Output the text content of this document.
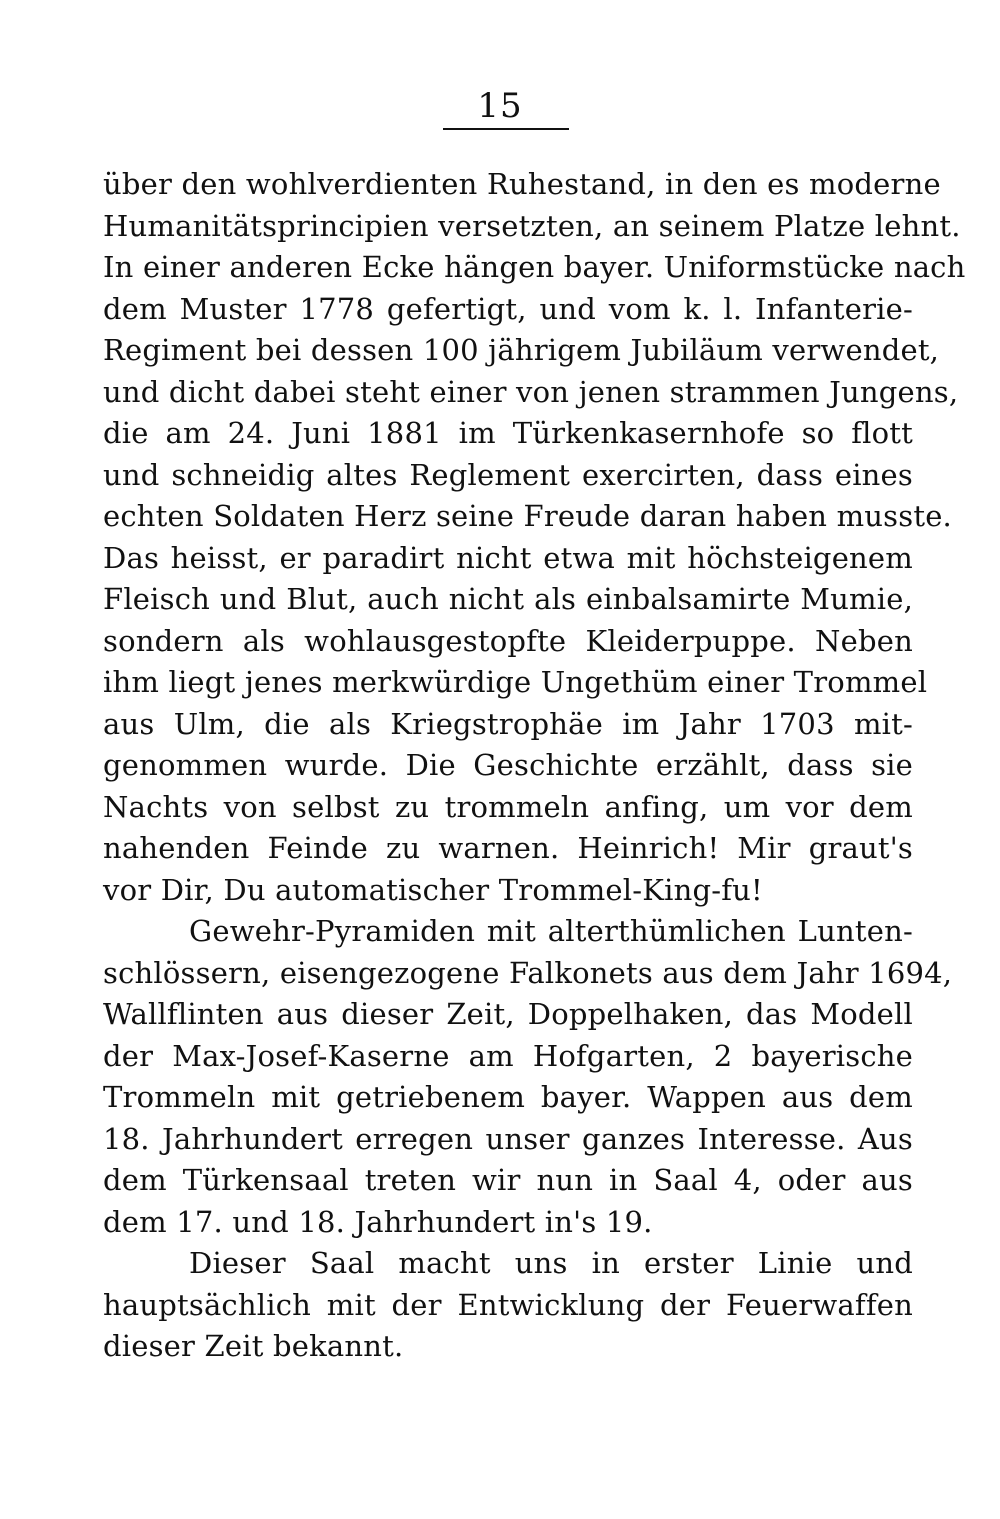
15
über den wohlverdienten Ruhestand, in den es moderne
Humanitätsprincipien versetzten, an seinem Platze lehnt.
In einer anderen Ecke hängen bayer. Uniformstücke nach
dem Muster 1778 gefertigt, und vom k. l. Infanterie-
Regiment bei dessen 100 jährigem Jubiläum verwendet,
und dicht dabei steht einer von jenen strammen Jungens,
die am 24. Juni 1881 im Türkenkasernhofe so flott
und schneidig altes Reglement exercirten, dass eines
echten Soldaten Herz seine Freude daran haben musste.
Das heisst, er paradirt nicht etwa mit höchsteigenem
Fleisch und Blut, auch nicht als einbalsamirte Mumie,
sondern als wohlausgestopfte Kleiderpuppe. Neben
ihm liegt jenes merkwürdige Ungethüm einer Trommel
aus Ulm, die als Kriegstrophäe im Jahr 1703 mit-
genommen wurde. Die Geschichte erzählt, dass sie
Nachts von selbst zu trommeln anfing, um vor dem
nahenden Feinde zu warnen. Heinrich! Mir graut's
vor Dir, Du automatischer Trommel-King-fu!
Gewehr-Pyramiden mit alterthümlichen Lunten-
schlössern, eisengezogene Falkonets aus dem Jahr 1694,
Wallflinten aus dieser Zeit, Doppelhaken, das Modell
der Max-Josef-Kaserne am Hofgarten, 2 bayerische
Trommeln mit getriebenem bayer. Wappen aus dem
18. Jahrhundert erregen unser ganzes Interesse. Aus
dem Türkensaal treten wir nun in Saal 4, oder aus
dem 17. und 18. Jahrhundert in's 19.
Dieser Saal macht uns in erster Linie und
hauptsächlich mit der Entwicklung der Feuerwaffen
dieser Zeit bekannt.
